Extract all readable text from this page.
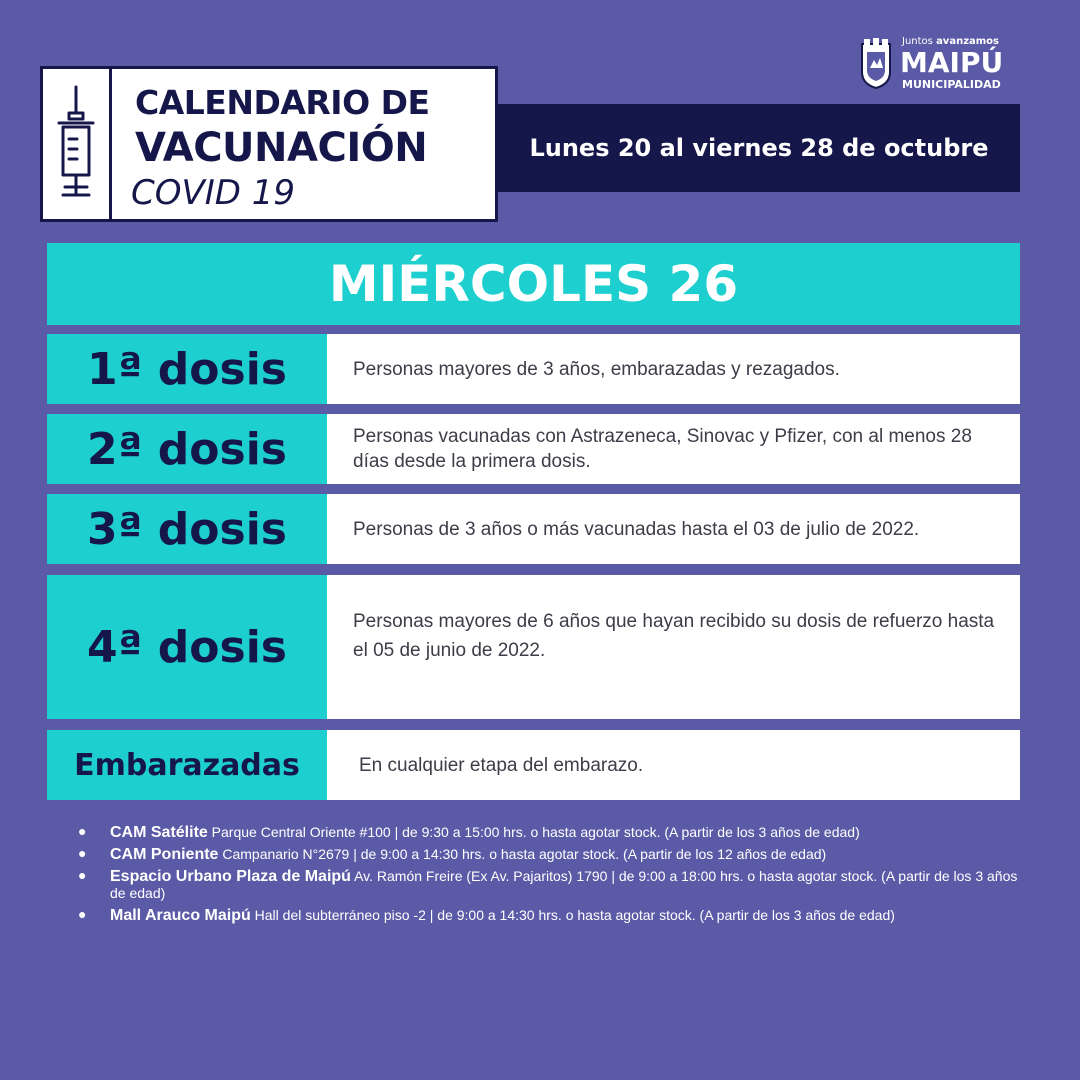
CALENDARIO DE
VACUNACIÓN
COVID 19
Lunes 20 al viernes 28 de octubre
Juntos avanzamos
MAIPÚ
MUNICIPALIDAD
MIÉRCOLES 26
1ª dosis	Personas mayores de 3 años, embarazadas y rezagados.
2ª dosis	Personas vacunadas con Astrazeneca, Sinovac y Pfizer, con al menos 28 días desde la primera dosis.
3ª dosis	Personas de 3 años o más vacunadas hasta el 03 de julio de 2022.
4ª dosis	Personas mayores de 6 años que hayan recibido su dosis de refuerzo hasta el 05 de junio de 2022.
Embarazadas	En cualquier etapa del embarazo.
● CAM Satélite Parque Central Oriente #100 | de 9:30 a 15:00 hrs. o hasta agotar stock. (A partir de los 3 años de edad)
● CAM Poniente Campanario N°2679 | de 9:00 a 14:30 hrs. o hasta agotar stock. (A partir de los 12 años de edad)
● Espacio Urbano Plaza de Maipú Av. Ramón Freire (Ex Av. Pajaritos) 1790 | de 9:00 a 18:00 hrs. o hasta agotar stock. (A partir de los 3 años de edad)
● Mall Arauco Maipú Hall del subterráneo piso -2 | de 9:00 a 14:30 hrs. o hasta agotar stock. (A partir de los 3 años de edad)
